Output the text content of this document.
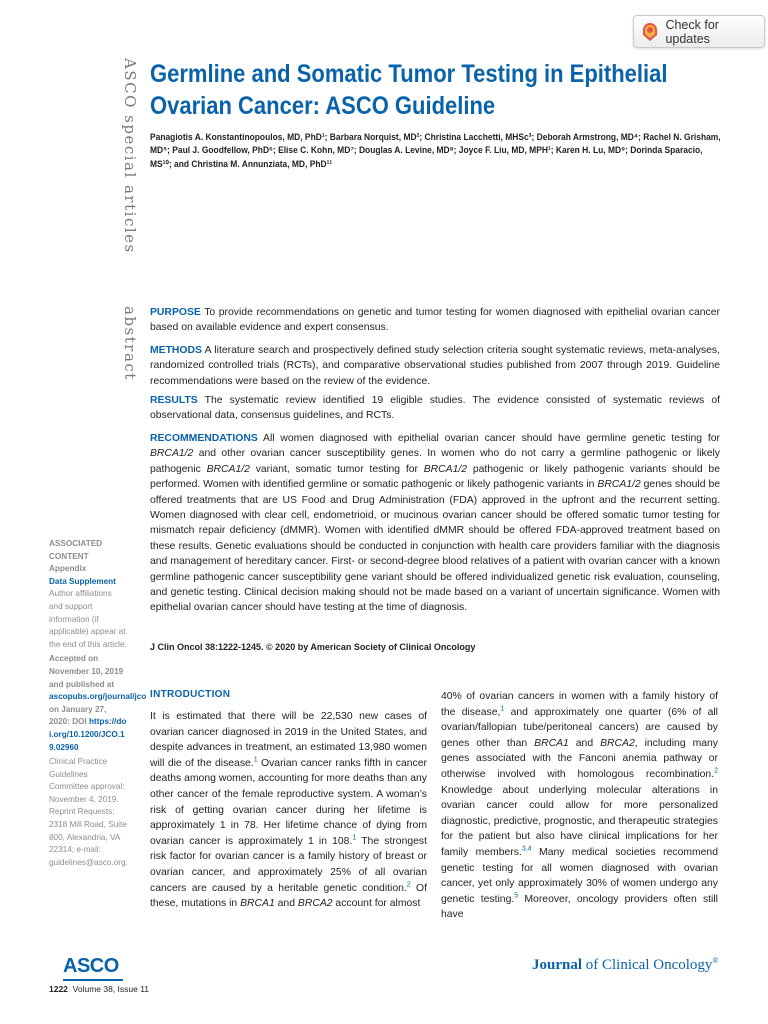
Check for updates
ASCO special articles
abstract
Germline and Somatic Tumor Testing in Epithelial Ovarian Cancer: ASCO Guideline
Panagiotis A. Konstantinopoulos, MD, PhD¹; Barbara Norquist, MD²; Christina Lacchetti, MHSc³; Deborah Armstrong, MD⁴; Rachel N. Grisham, MD⁵; Paul J. Goodfellow, PhD⁶; Elise C. Kohn, MD⁷; Douglas A. Levine, MD⁸; Joyce F. Liu, MD, MPH¹; Karen H. Lu, MD⁹; Dorinda Sparacio, MS¹⁰; and Christina M. Annunziata, MD, PhD¹¹
PURPOSE To provide recommendations on genetic and tumor testing for women diagnosed with epithelial ovarian cancer based on available evidence and expert consensus.
METHODS A literature search and prospectively defined study selection criteria sought systematic reviews, meta-analyses, randomized controlled trials (RCTs), and comparative observational studies published from 2007 through 2019. Guideline recommendations were based on the review of the evidence.
RESULTS The systematic review identified 19 eligible studies. The evidence consisted of systematic reviews of observational data, consensus guidelines, and RCTs.
RECOMMENDATIONS All women diagnosed with epithelial ovarian cancer should have germline genetic testing for BRCA1/2 and other ovarian cancer susceptibility genes. In women who do not carry a germline pathogenic or likely pathogenic BRCA1/2 variant, somatic tumor testing for BRCA1/2 pathogenic or likely pathogenic variants should be performed. Women with identified germline or somatic pathogenic or likely pathogenic variants in BRCA1/2 genes should be offered treatments that are US Food and Drug Administration (FDA) approved in the upfront and the recurrent setting. Women diagnosed with clear cell, endometrioid, or mucinous ovarian cancer should be offered somatic tumor testing for mismatch repair deficiency (dMMR). Women with identified dMMR should be offered FDA-approved treatment based on these results. Genetic evaluations should be conducted in conjunction with health care providers familiar with the diagnosis and management of hereditary cancer. First- or second-degree blood relatives of a patient with ovarian cancer with a known germline pathogenic cancer susceptibility gene variant should be offered individualized genetic risk evaluation, counseling, and genetic testing. Clinical decision making should not be made based on a variant of uncertain significance. Women with epithelial ovarian cancer should have testing at the time of diagnosis.
J Clin Oncol 38:1222-1245. © 2020 by American Society of Clinical Oncology
ASSOCIATED CONTENT
Appendix
Data Supplement
Author affiliations and support information (if applicable) appear at the end of this article.
Accepted on November 10, 2019 and published at ascopubs.org/journal/jco on January 27, 2020: DOI https://doi.org/10.1200/JCO.19.02960
Clinical Practice Guidelines Committee approval: November 4, 2019.
Reprint Requests: 2318 Mill Road, Suite 800, Alexandria, VA 22314; e-mail: guidelines@asco.org.
INTRODUCTION
It is estimated that there will be 22,530 new cases of ovarian cancer diagnosed in 2019 in the United States, and despite advances in treatment, an estimated 13,980 women will die of the disease.$^1$ Ovarian cancer ranks fifth in cancer deaths among women, accounting for more deaths than any other cancer of the female reproductive system. A woman’s risk of getting ovarian cancer during her lifetime is approximately 1 in 78. Her lifetime chance of dying from ovarian cancer is approximately 1 in 108.$^1$ The strongest risk factor for ovarian cancer is a family history of breast or ovarian cancer, and approximately 25% of all ovarian cancers are caused by a heritable genetic condition.$^2$ Of these, mutations in BRCA1 and BRCA2 account for almost
40% of ovarian cancers in women with a family history of the disease,$^1$ and approximately one quarter (6% of all ovarian/fallopian tube/peritoneal cancers) are caused by genes other than BRCA1 and BRCA2, including many genes associated with the Fanconi anemia pathway or otherwise involved with homologous recombination.$^2$ Knowledge about underlying molecular alterations in ovarian cancer could allow for more personalized diagnostic, predictive, prognostic, and therapeutic strategies for the patient but also have clinical implications for her family members.$^{3,4}$ Many medical societies recommend genetic testing for all women diagnosed with ovarian cancer, yet only approximately 30% of women undergo any genetic testing.$^5$ Moreover, oncology providers often still have
ASCO	Journal of Clinical Oncology®
1222  Volume 38, Issue 11
